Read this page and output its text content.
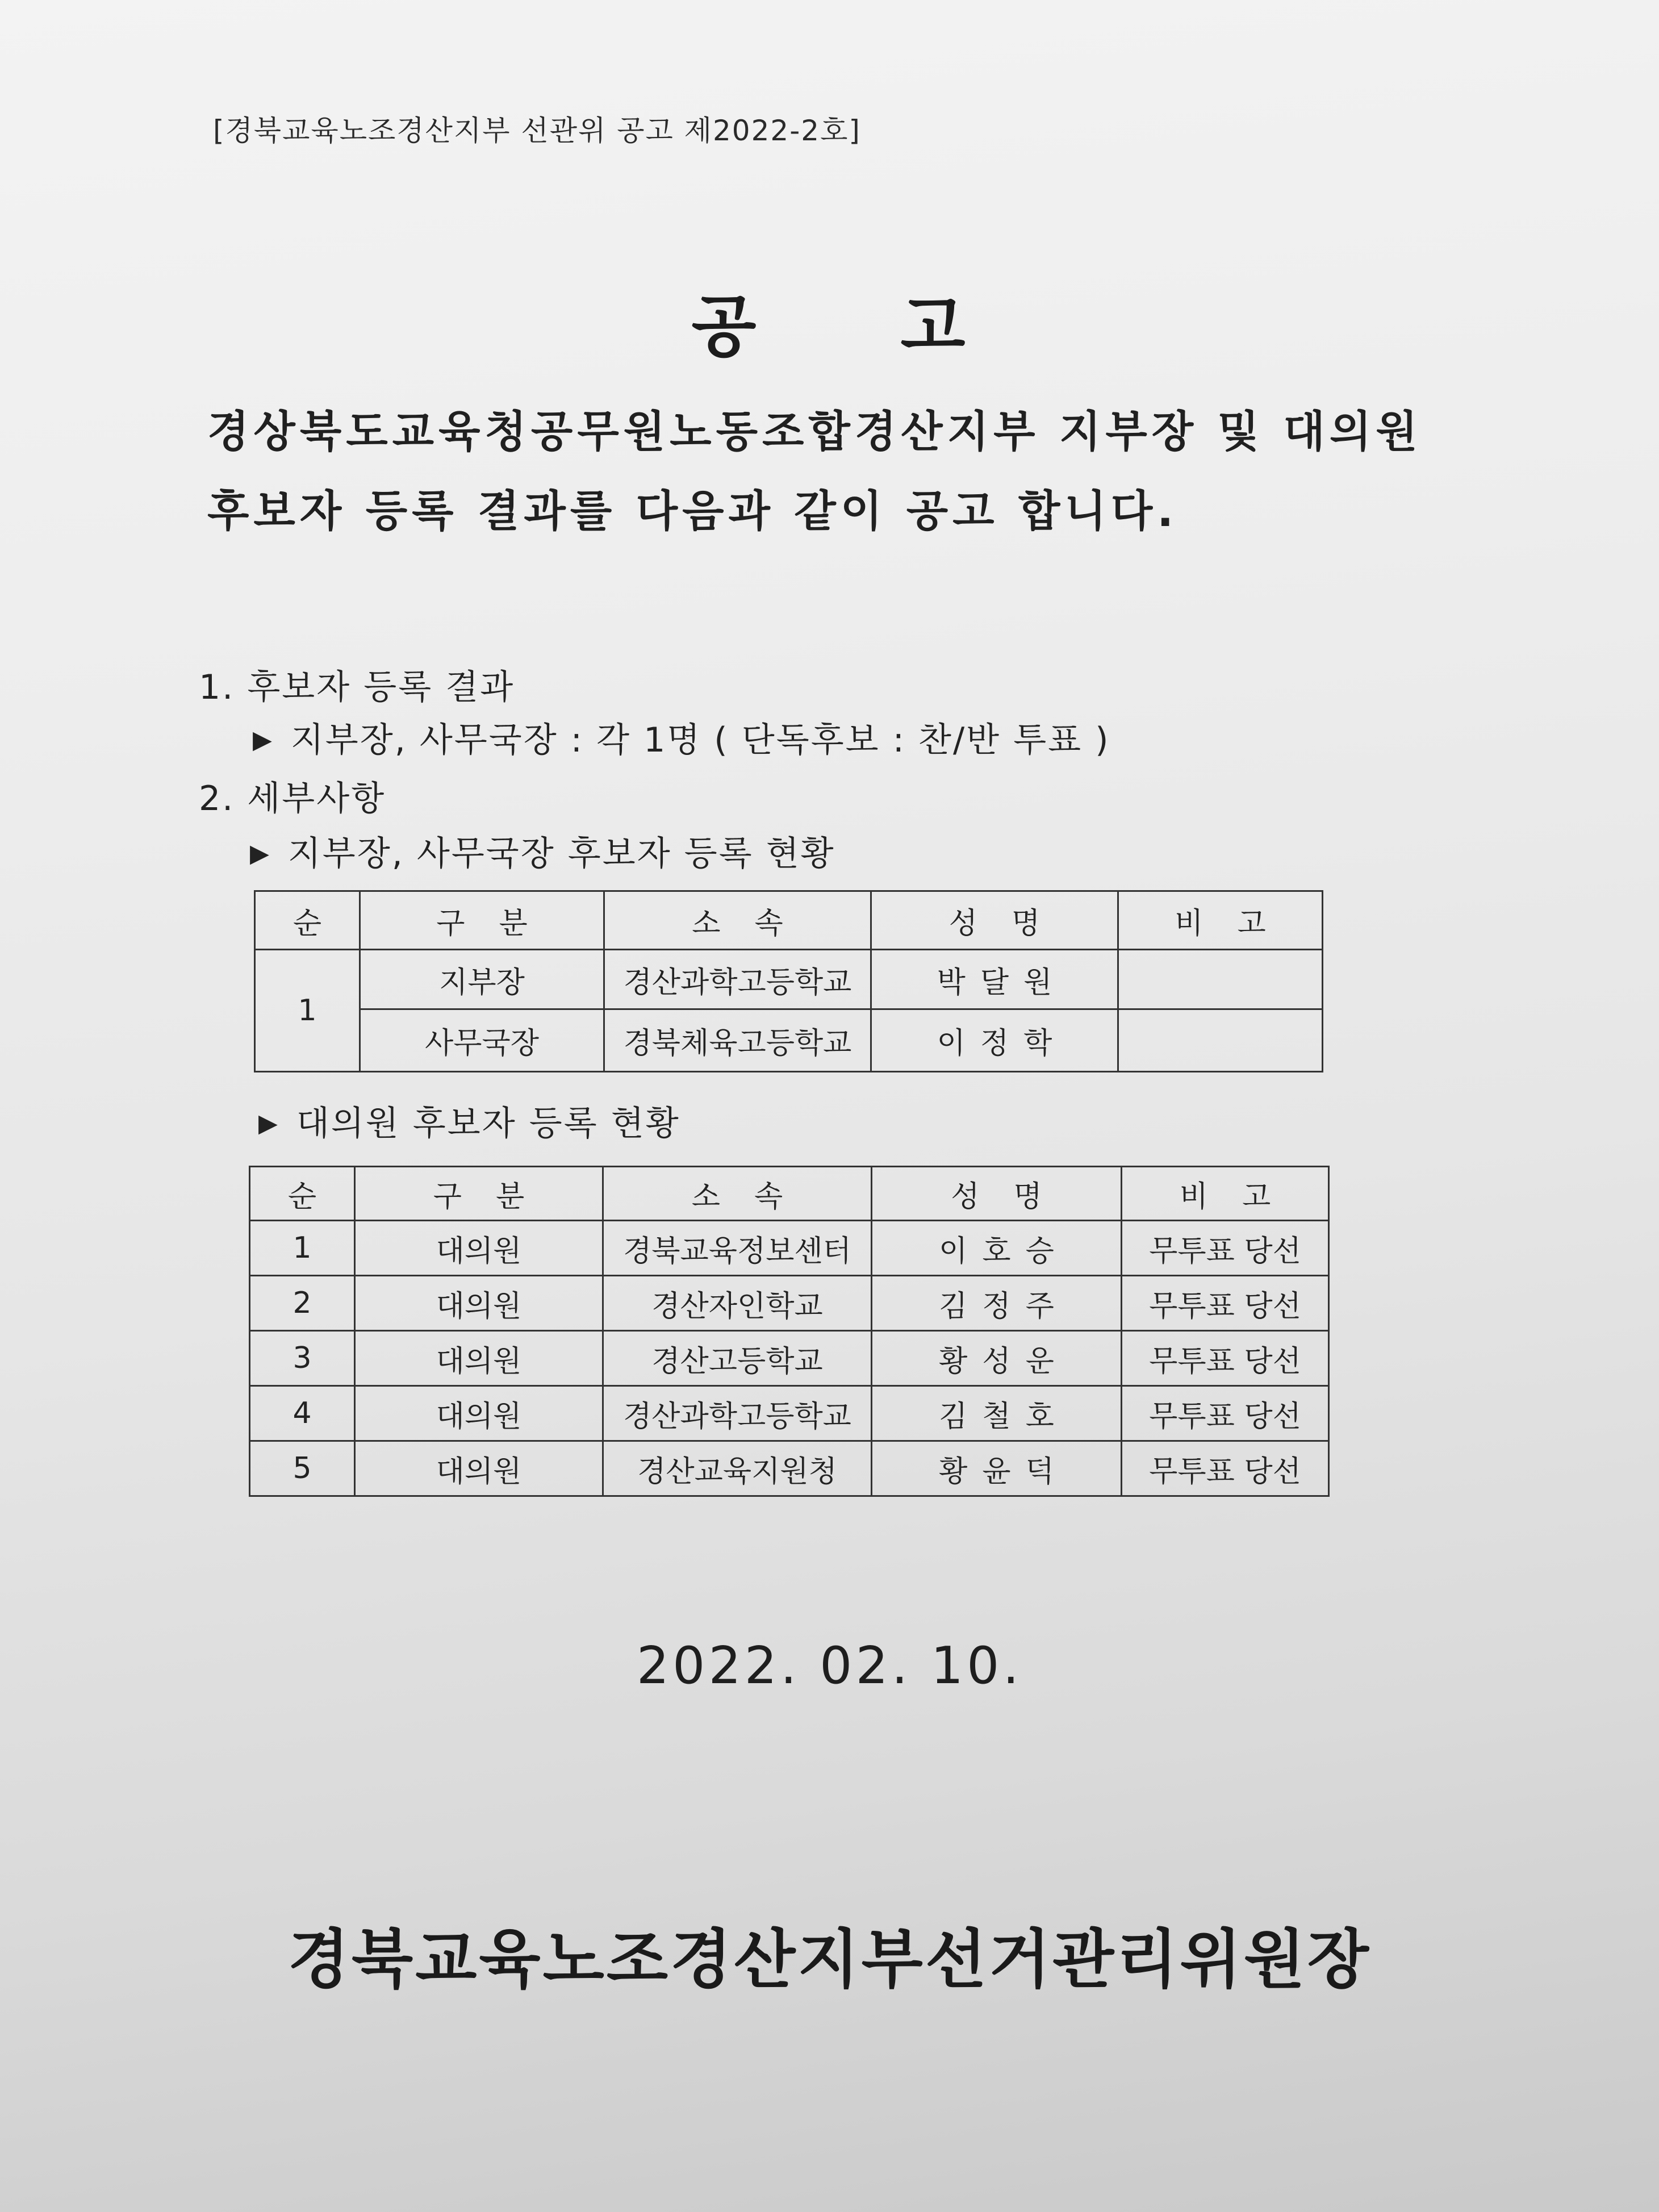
[경북교육노조경산지부 선관위 공고 제2022-2호]

공 고
경상북도교육청공무원노동조합경산지부 지부장 및 대의원
후보자 등록 결과를 다음과 같이 공고 합니다.
1. 후보자 등록 결과
▶ 지부장, 사무국장 : 각 1명 ( 단독후보 : 찬/반 투표 )
2. 세부사항
▶ 지부장, 사무국장 후보자 등록 현황
순	구분	소속	성명	비고
1	지부장	경산과학고등학교	박달원	
	사무국장	경북체육고등학교	이정학	
▶ 대의원 후보자 등록 현황
순	구분	소속	성명	비고
1	대의원	경북교육정보센터	이호승	무투표 당선
2	대의원	경산자인학교	김정주	무투표 당선
3	대의원	경산고등학교	황성운	무투표 당선
4	대의원	경산과학고등학교	김철호	무투표 당선
5	대의원	경산교육지원청	황윤덕	무투표 당선
2022. 02. 10.
경북교육노조경산지부선거관리위원장
